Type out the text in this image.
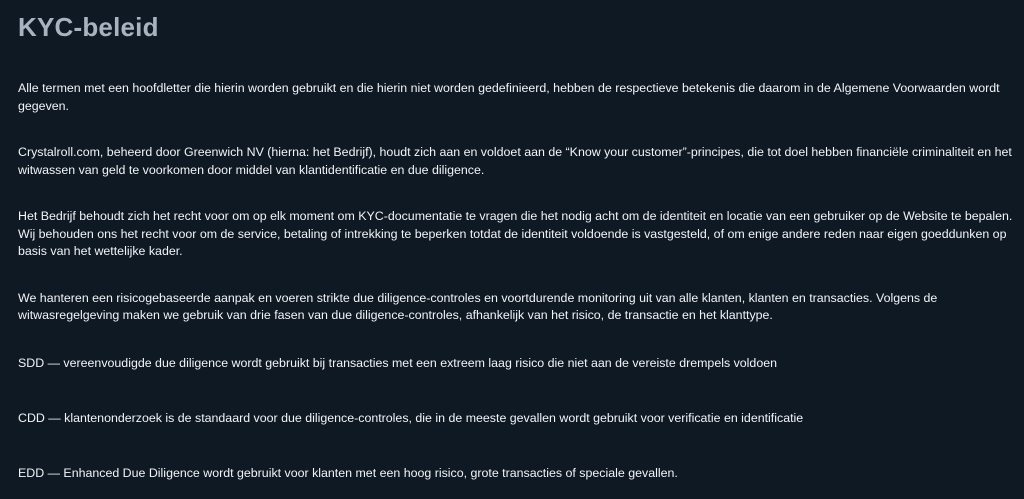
KYC-beleid

Alle termen met een hoofdletter die hierin worden gebruikt en die hierin niet worden gedefinieerd, hebben de respectieve betekenis die daarom in de Algemene Voorwaarden wordt gegeven.

Crystalroll.com, beheerd door Greenwich NV (hierna: het Bedrijf), houdt zich aan en voldoet aan de “Know your customer”-principes, die tot doel hebben financiële criminaliteit en het witwassen van geld te voorkomen door middel van klantidentificatie en due diligence.

Het Bedrijf behoudt zich het recht voor om op elk moment om KYC-documentatie te vragen die het nodig acht om de identiteit en locatie van een gebruiker op de Website te bepalen. Wij behouden ons het recht voor om de service, betaling of intrekking te beperken totdat de identiteit voldoende is vastgesteld, of om enige andere reden naar eigen goeddunken op basis van het wettelijke kader.

We hanteren een risicogebaseerde aanpak en voeren strikte due diligence-controles en voortdurende monitoring uit van alle klanten, klanten en transacties. Volgens de witwasregelgeving maken we gebruik van drie fasen van due diligence-controles, afhankelijk van het risico, de transactie en het klanttype.

SDD — vereenvoudigde due diligence wordt gebruikt bij transacties met een extreem laag risico die niet aan de vereiste drempels voldoen

CDD — klantenonderzoek is de standaard voor due diligence-controles, die in de meeste gevallen wordt gebruikt voor verificatie en identificatie

EDD — Enhanced Due Diligence wordt gebruikt voor klanten met een hoog risico, grote transacties of speciale gevallen.
